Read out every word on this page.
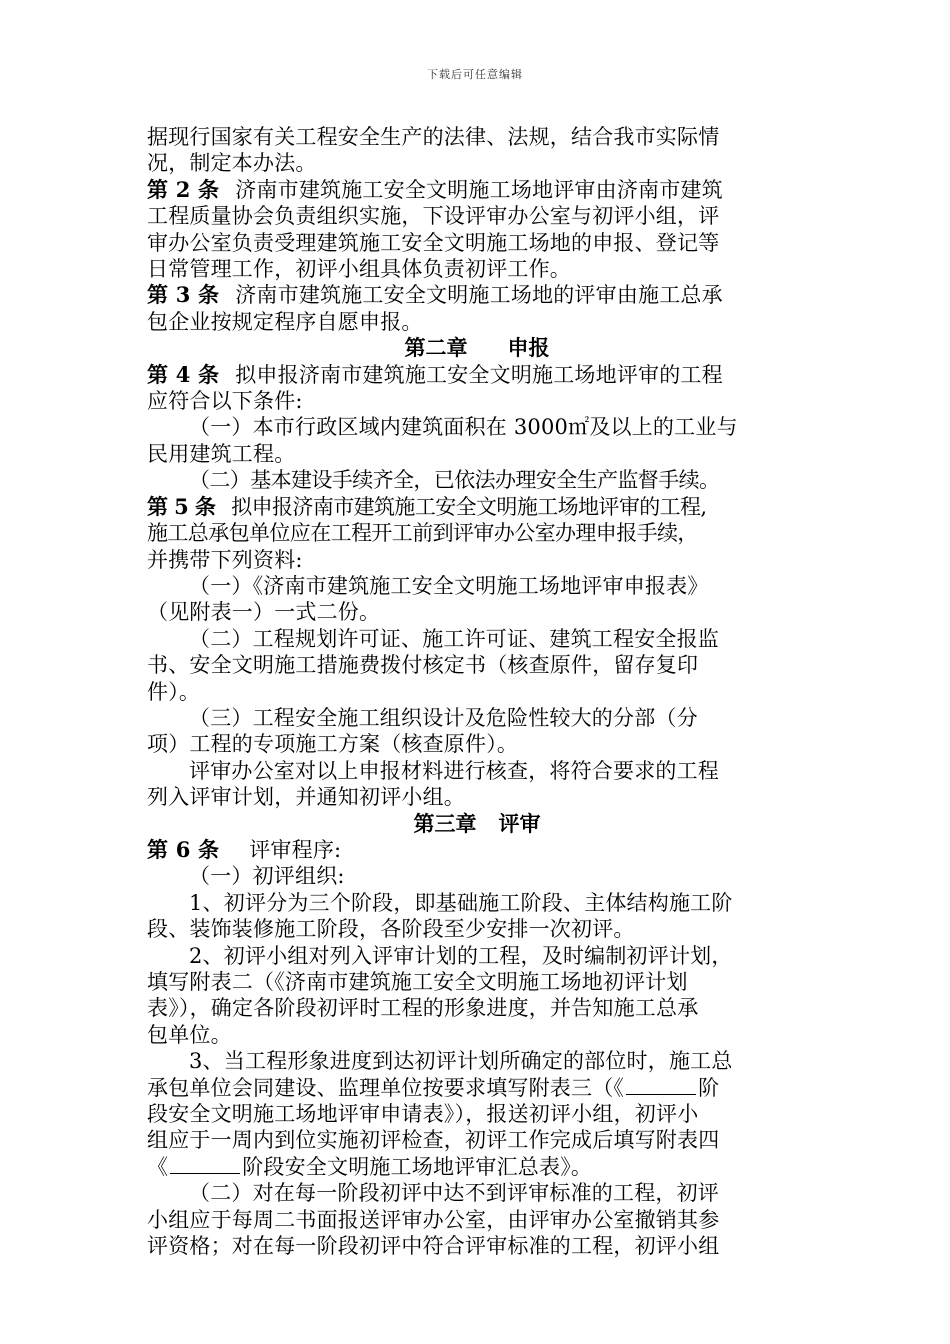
下载后可任意编辑
据现行国家有关工程安全生产的法律、法规，结合我市实际情
况，制定本办法。
第 2 条 济南市建筑施工安全文明施工场地评审由济南市建筑
工程质量协会负责组织实施，下设评审办公室与初评小组，评
审办公室负责受理建筑施工安全文明施工场地的申报、登记等
日常管理工作，初评小组具体负责初评工作。
第 3 条 济南市建筑施工安全文明施工场地的评审由施工总承
包企业按规定程序自愿申报。
第二章 申报
第 4 条 拟申报济南市建筑施工安全文明施工场地评审的工程
应符合以下条件:
（一）本市行政区域内建筑面积在 3000㎡及以上的工业与
民用建筑工程。
（二）基本建设手续齐全，已依法办理安全生产监督手续。
第 5 条 拟申报济南市建筑施工安全文明施工场地评审的工程,
施工总承包单位应在工程开工前到评审办公室办理申报手续，
并携带下列资料:
（一）《济南市建筑施工安全文明施工场地评审申报表》
（见附表一）一式二份。
（二）工程规划许可证、施工许可证、建筑工程安全报监
书、安全文明施工措施费拨付核定书（核查原件，留存复印
件）。
（三）工程安全施工组织设计及危险性较大的分部（分
项）工程的专项施工方案（核查原件）。
评审办公室对以上申报材料进行核查，将符合要求的工程
列入评审计划，并通知初评小组。
第三章 评审
第 6 条 评审程序:
（一）初评组织:
1、初评分为三个阶段，即基础施工阶段、主体结构施工阶
段、装饰装修施工阶段，各阶段至少安排一次初评。
2、初评小组对列入评审计划的工程，及时编制初评计划，
填写附表二（《济南市建筑施工安全文明施工场地初评计划
表》），确定各阶段初评时工程的形象进度，并告知施工总承
包单位。
3、当工程形象进度到达初评计划所确定的部位时，施工总
承包单位会同建设、监理单位按要求填写附表三（《	阶
段安全文明施工场地评审申请表》），报送初评小组，初评小
组应于一周内到位实施初评检查，初评工作完成后填写附表四
《	阶段安全文明施工场地评审汇总表》。
（二）对在每一阶段初评中达不到评审标准的工程，初评
小组应于每周二书面报送评审办公室，由评审办公室撤销其参
评资格；对在每一阶段初评中符合评审标准的工程，初评小组
